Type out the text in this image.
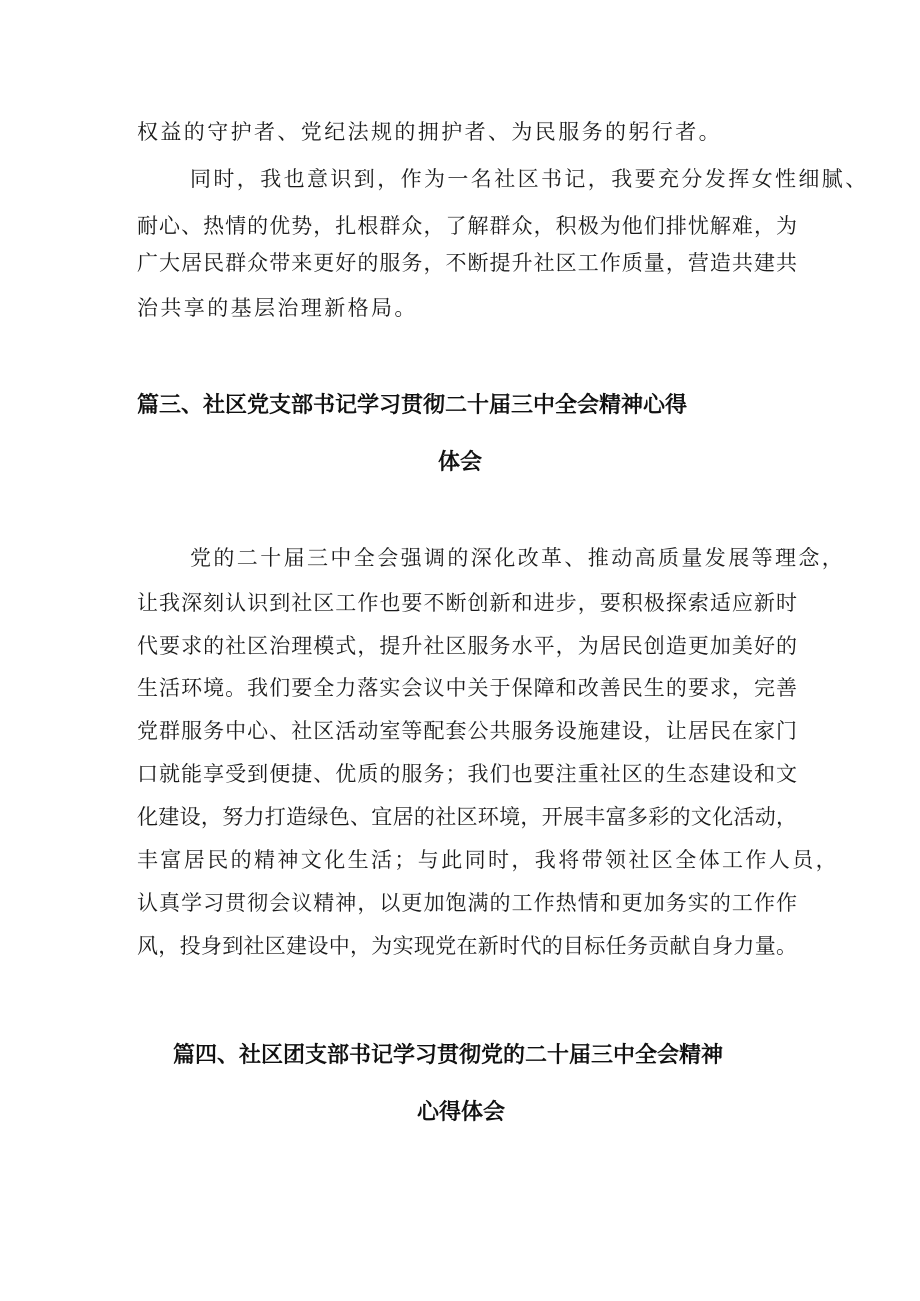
权益的守护者、党纪法规的拥护者、为民服务的躬行者。

同时，我也意识到，作为一名社区书记，我要充分发挥女性细腻、

耐心、热情的优势，扎根群众，了解群众，积极为他们排忧解难，为

广大居民群众带来更好的服务，不断提升社区工作质量，营造共建共

治共享的基层治理新格局。

篇三、社区党支部书记学习贯彻二十届三中全会精神心得
体会

党的二十届三中全会强调的深化改革、推动高质量发展等理念，

让我深刻认识到社区工作也要不断创新和进步，要积极探索适应新时

代要求的社区治理模式，提升社区服务水平，为居民创造更加美好的

生活环境。我们要全力落实会议中关于保障和改善民生的要求，完善

党群服务中心、社区活动室等配套公共服务设施建设，让居民在家门

口就能享受到便捷、优质的服务；我们也要注重社区的生态建设和文

化建设，努力打造绿色、宜居的社区环境，开展丰富多彩的文化活动，

丰富居民的精神文化生活；与此同时，我将带领社区全体工作人员，

认真学习贯彻会议精神，以更加饱满的工作热情和更加务实的工作作

风，投身到社区建设中，为实现党在新时代的目标任务贡献自身力量。

篇四、社区团支部书记学习贯彻党的二十届三中全会精神
心得体会
